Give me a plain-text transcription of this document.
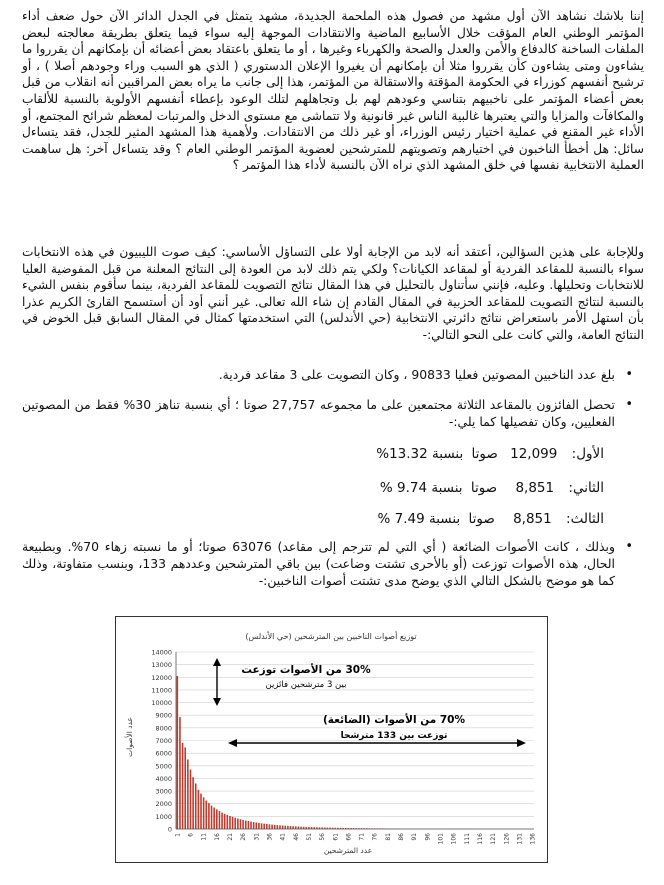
إننا بلاشك نشاهد الآن أول مشهد من فصول هذه الملحمة الجديدة، مشهد يتمثل في الجدل الدائر الآن حول ضعف أداء المؤتمر الوطني العام المؤقت خلال الأسابيع الماضية والانتقادات الموجهة إليه سواء فيما يتعلق بطريقة معالجته لبعض الملفات الساخنة كالدفاع والأمن والعدل والصحة والكهرباء وغيرها ، أو ما يتعلق باعتقاد بعض أعضائه أن بإمكانهم أن يقرروا ما يشاءون ومتى يشاءون كأن يقرروا مثلا أن بإمكانهم أن يغيروا الإعلان الدستوري ( الذي هو السبب وراء وجودهم أصلا ) ، أو ترشيح أنفسهم كوزراء في الحكومة المؤقتة والاستقالة من المؤتمر، هذا إلى جانب ما يراه بعض المراقبين أنه انقلاب من قبل بعض أعضاء المؤتمر على ناخبيهم بتناسي وعودهم لهم بل وتجاهلهم لتلك الوعود بإعطاء أنفسهم الأولوية بالنسبة للألقاب والمكافآت والمزايا والتي يعتبرها غالبية الناس غير قانونية ولا تتماشى مع مستوى الدخل والمرتبات لمعظم شرائح المجتمع، أو الأداء غير المقنع في عملية اختيار رئيس الوزراء، أو غير ذلك من الانتقادات. ولأهمية هذا المشهد المثير للجدل، فقد يتساءل سائل: هل أخطأ الناخبون في اختيارهم وتصويتهم للمترشحين لعضوية المؤتمر الوطني العام ؟ وقد يتساءل آخر: هل ساهمت العملية الانتخابية نفسها في خلق المشهد الذي نراه الآن بالنسبة لأداء هذا المؤتمر ؟
وللإجابة على هذين السؤالين، أعتقد أنه لابد من الإجابة أولا على التساؤل الأساسي: كيف صوت الليبيون في هذه الانتخابات سواء بالنسبة للمقاعد الفردية أو لمقاعد الكيانات؟ ولكي يتم ذلك لابد من العودة إلى النتائج المعلنة من قبل المفوضية العليا للانتخابات وتحليلها. وعليه، فإنني سأتناول بالتحليل في هذا المقال نتائج التصويت للمقاعد الفردية، بينما سأقوم بنفس الشيء بالنسبة لنتائج التصويت للمقاعد الحزبية في المقال القادم إن شاء الله تعالى. غير أنني أود أن أستسمح القارئ الكريم عذرا بأن استهل الأمر باستعراض نتائج دائرتي الانتخابية (حي الأندلس) التي استخدمتها كمثال في المقال السابق قبل الخوض في النتائج العامة، والتي كانت على النحو التالي:-
•
بلغ عدد الناخبين المصوتين فعليا 90833 ، وكان التصويت على 3 مقاعد فردية.
•
تحصل الفائزون بالمقاعد الثلاثة مجتمعين على ما مجموعه 27,757 صوتا ؛ أي بنسبة تناهز 30% فقط من المصوتين الفعليين، وكان تفصيلها كما يلي:-
الأول: 12,099 صوتا بنسبة 13.32%
الثاني: 8,851 صوتا بنسبة 9.74 %
الثالث: 8,851 صوتا بنسبة 7.49 %
•
وبذلك ، كانت الأصوات الضائعة ( أي التي لم تترجم إلى مقاعد) 63076 صوتا؛ أو ما نسبته زهاء 70%. وبطبيعة الحال، هذه الأصوات توزعت (أو بالأحرى تشتت وضاعت) بين باقي المترشحين وعددهم 133، وبنسب متفاوتة، وذلك كما هو موضح بالشكل التالي الذي يوضح مدى تشتت أصوات الناخبين:-
توزيع أصوات الناخبين بين المترشحين (حي الأندلس)
عدد الأصوات
عدد المترشحين
0
1000
2000
3000
4000
5000
6000
7000
8000
9000
10000
11000
12000
13000
14000
1 6 11 16 21 26 31 36 41 46 51 56 61 66 71 76 81 86 91 96 101 106 111 116 121 126 131 136
30% من الأصوات توزعت
بين 3 مترشحين فائزين
70% من الأصوات (الضائعة)
توزعت بين 133 مترشحا
